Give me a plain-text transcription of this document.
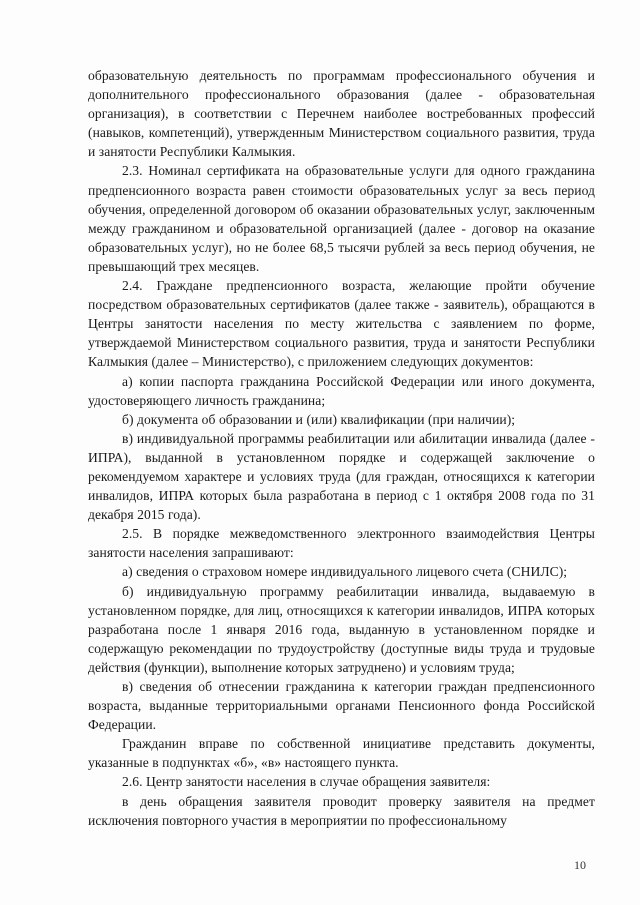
образовательную деятельность по программам профессионального обучения и дополнительного профессионального образования (далее - образовательная организация), в соответствии с Перечнем наиболее востребованных профессий (навыков, компетенций), утвержденным Министерством социального развития, труда и занятости Республики Калмыкия.

2.3. Номинал сертификата на образовательные услуги для одного гражданина предпенсионного возраста равен стоимости образовательных услуг за весь период обучения, определенной договором об оказании образовательных услуг, заключенным между гражданином и образовательной организацией (далее - договор на оказание образовательных услуг), но не более 68,5 тысячи рублей за весь период обучения, не превышающий трех месяцев.

2.4. Граждане предпенсионного возраста, желающие пройти обучение посредством образовательных сертификатов (далее также - заявитель), обращаются в Центры занятости населения по месту жительства с заявлением по форме, утверждаемой Министерством социального развития, труда и занятости Республики Калмыкия (далее – Министерство), с приложением следующих документов:

а) копии паспорта гражданина Российской Федерации или иного документа, удостоверяющего личность гражданина;

б) документа об образовании и (или) квалификации (при наличии);

в) индивидуальной программы реабилитации или абилитации инвалида (далее - ИПРА), выданной в установленном порядке и содержащей заключение о рекомендуемом характере и условиях труда (для граждан, относящихся к категории инвалидов, ИПРА которых была разработана в период с 1 октября 2008 года по 31 декабря 2015 года).

2.5. В порядке межведомственного электронного взаимодействия Центры занятости населения запрашивают:

а) сведения о страховом номере индивидуального лицевого счета (СНИЛС);

б) индивидуальную программу реабилитации инвалида, выдаваемую в установленном порядке, для лиц, относящихся к категории инвалидов, ИПРА которых разработана после 1 января 2016 года, выданную в установленном порядке и содержащую рекомендации по трудоустройству (доступные виды труда и трудовые действия (функции), выполнение которых затруднено) и условиям труда;

в) сведения об отнесении гражданина к категории граждан предпенсионного возраста, выданные территориальными органами Пенсионного фонда Российской Федерации.

Гражданин вправе по собственной инициативе представить документы, указанные в подпунктах «б», «в» настоящего пункта.

2.6. Центр занятости населения в случае обращения заявителя:

в день обращения заявителя проводит проверку заявителя на предмет исключения повторного участия в мероприятии по профессиональному

10
